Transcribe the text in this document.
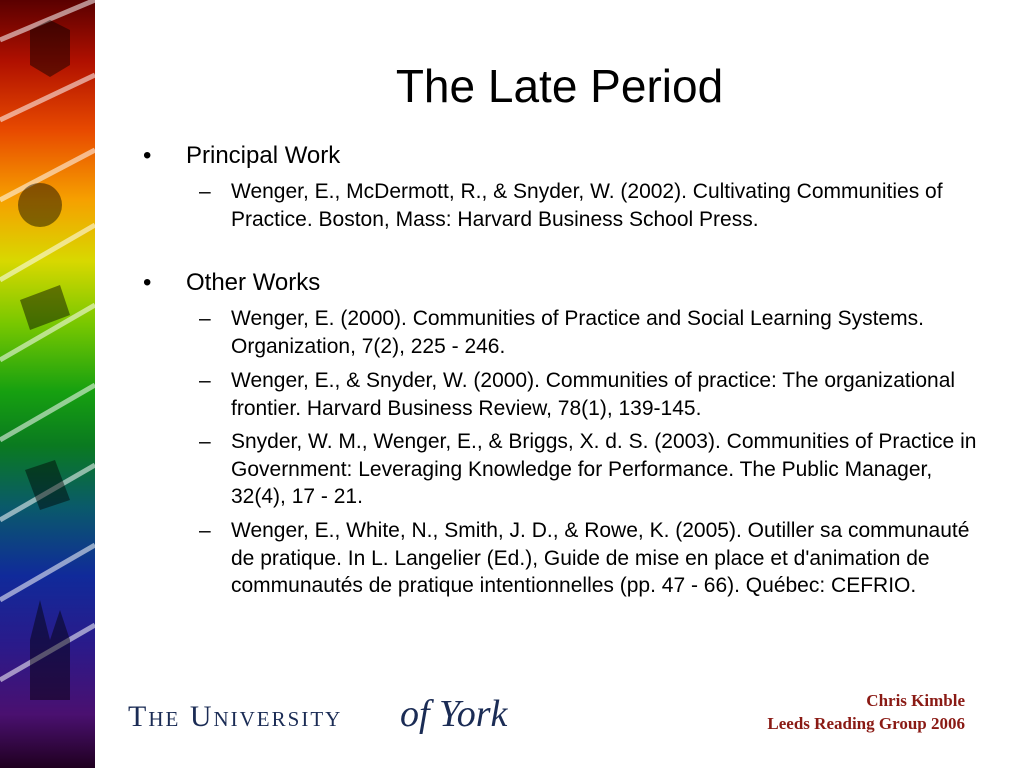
The Late Period
• Principal Work
– Wenger, E., McDermott, R., & Snyder, W. (2002). Cultivating Communities of Practice. Boston, Mass: Harvard Business School Press.
• Other Works
– Wenger, E. (2000). Communities of Practice and Social Learning Systems. Organization, 7(2), 225 - 246.
– Wenger, E., & Snyder, W. (2000). Communities of practice: The organizational frontier. Harvard Business Review, 78(1), 139-145.
– Snyder, W. M., Wenger, E., & Briggs, X. d. S. (2003). Communities of Practice in Government: Leveraging Knowledge for Performance. The Public Manager, 32(4), 17 - 21.
– Wenger, E., White, N., Smith, J. D., & Rowe, K. (2005). Outiller sa communauté de pratique. In L. Langelier (Ed.), Guide de mise en place et d'animation de communautés de pratique intentionnelles (pp. 47 - 66). Québec: CEFRIO.
The University of York	Chris Kimble
Leeds Reading Group 2006
